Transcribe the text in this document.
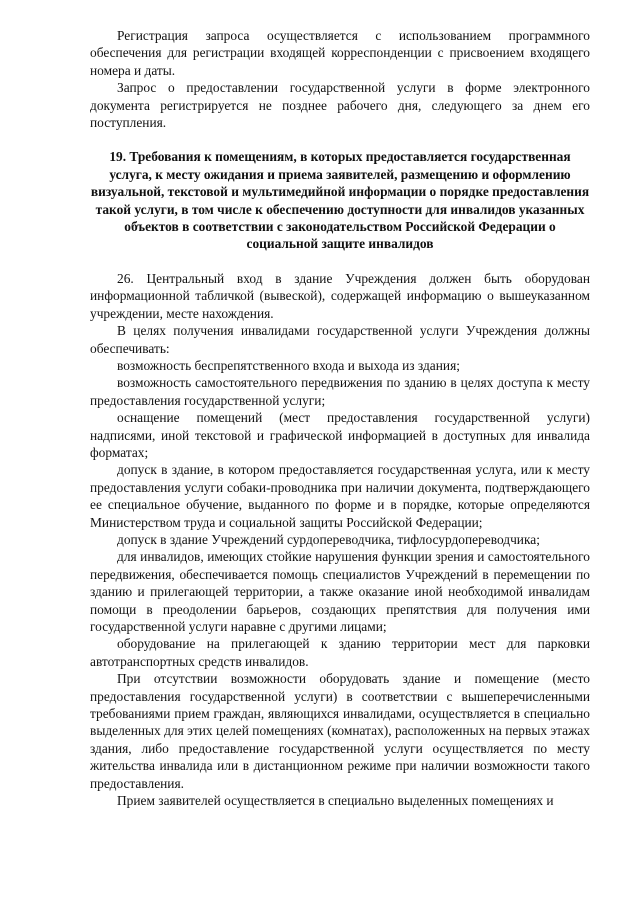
Регистрация запроса осуществляется с использованием программного обеспечения для регистрации входящей корреспонденции с присвоением входящего номера и даты.

Запрос о предоставлении государственной услуги в форме электронного документа регистрируется не позднее рабочего дня, следующего за днем его поступления.

19. Требования к помещениям, в которых предоставляется государственная услуга, к месту ожидания и приема заявителей, размещению и оформлению визуальной, текстовой и мультимедийной информации о порядке предоставления такой услуги, в том числе к обеспечению доступности для инвалидов указанных объектов в соответствии с законодательством Российской Федерации о социальной защите инвалидов

26. Центральный вход в здание Учреждения должен быть оборудован информационной табличкой (вывеской), содержащей информацию о вышеуказанном учреждении, месте нахождения.

В целях получения инвалидами государственной услуги Учреждения должны обеспечивать:

возможность беспрепятственного входа и выхода из здания;

возможность самостоятельного передвижения по зданию в целях доступа к месту предоставления государственной услуги;

оснащение помещений (мест предоставления государственной услуги) надписями, иной текстовой и графической информацией в доступных для инвалида форматах;

допуск в здание, в котором предоставляется государственная услуга, или к месту предоставления услуги собаки-проводника при наличии документа, подтверждающего ее специальное обучение, выданного по форме и в порядке, которые определяются Министерством труда и социальной защиты Российской Федерации;

допуск в здание Учреждений сурдопереводчика, тифлосурдопереводчика;

для инвалидов, имеющих стойкие нарушения функции зрения и самостоятельного передвижения, обеспечивается помощь специалистов Учреждений в перемещении по зданию и прилегающей территории, а также оказание иной необходимой инвалидам помощи в преодолении барьеров, создающих препятствия для получения ими государственной услуги наравне с другими лицами;

оборудование на прилегающей к зданию территории мест для парковки автотранспортных средств инвалидов.

При отсутствии возможности оборудовать здание и помещение (место предоставления государственной услуги) в соответствии с вышеперечисленными требованиями прием граждан, являющихся инвалидами, осуществляется в специально выделенных для этих целей помещениях (комнатах), расположенных на первых этажах здания, либо предоставление государственной услуги осуществляется по месту жительства инвалида или в дистанционном режиме при наличии возможности такого предоставления.

Прием заявителей осуществляется в специально выделенных помещениях и
